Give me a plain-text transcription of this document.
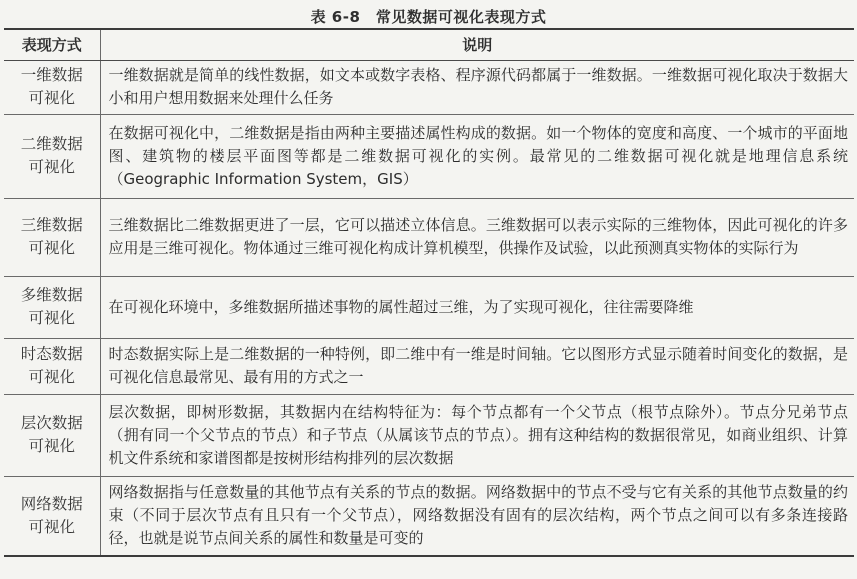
表 6-8　常见数据可视化表现方式
表现方式	说明
一维数据可视化	一维数据就是简单的线性数据，如文本或数字表格、程序源代码都属于一维数据。一维数据可视化取决于数据大小和用户想用数据来处理什么任务
二维数据可视化	在数据可视化中，二维数据是指由两种主要描述属性构成的数据。如一个物体的宽度和高度、一个城市的平面地图、建筑物的楼层平面图等都是二维数据可视化的实例。最常见的二维数据可视化就是地理信息系统（Geographic Information System，GIS）
三维数据可视化	三维数据比二维数据更进了一层，它可以描述立体信息。三维数据可以表示实际的三维物体，因此可视化的许多应用是三维可视化。物体通过三维可视化构成计算机模型，供操作及试验，以此预测真实物体的实际行为
多维数据可视化	在可视化环境中，多维数据所描述事物的属性超过三维，为了实现可视化，往往需要降维
时态数据可视化	时态数据实际上是二维数据的一种特例，即二维中有一维是时间轴。它以图形方式显示随着时间变化的数据，是可视化信息最常见、最有用的方式之一
层次数据可视化	层次数据，即树形数据，其数据内在结构特征为：每个节点都有一个父节点（根节点除外）。节点分兄弟节点（拥有同一个父节点的节点）和子节点（从属该节点的节点）。拥有这种结构的数据很常见，如商业组织、计算机文件系统和家谱图都是按树形结构排列的层次数据
网络数据可视化	网络数据指与任意数量的其他节点有关系的节点的数据。网络数据中的节点不受与它有关系的其他节点数量的约束（不同于层次节点有且只有一个父节点），网络数据没有固有的层次结构，两个节点之间可以有多条连接路径，也就是说节点间关系的属性和数量是可变的
